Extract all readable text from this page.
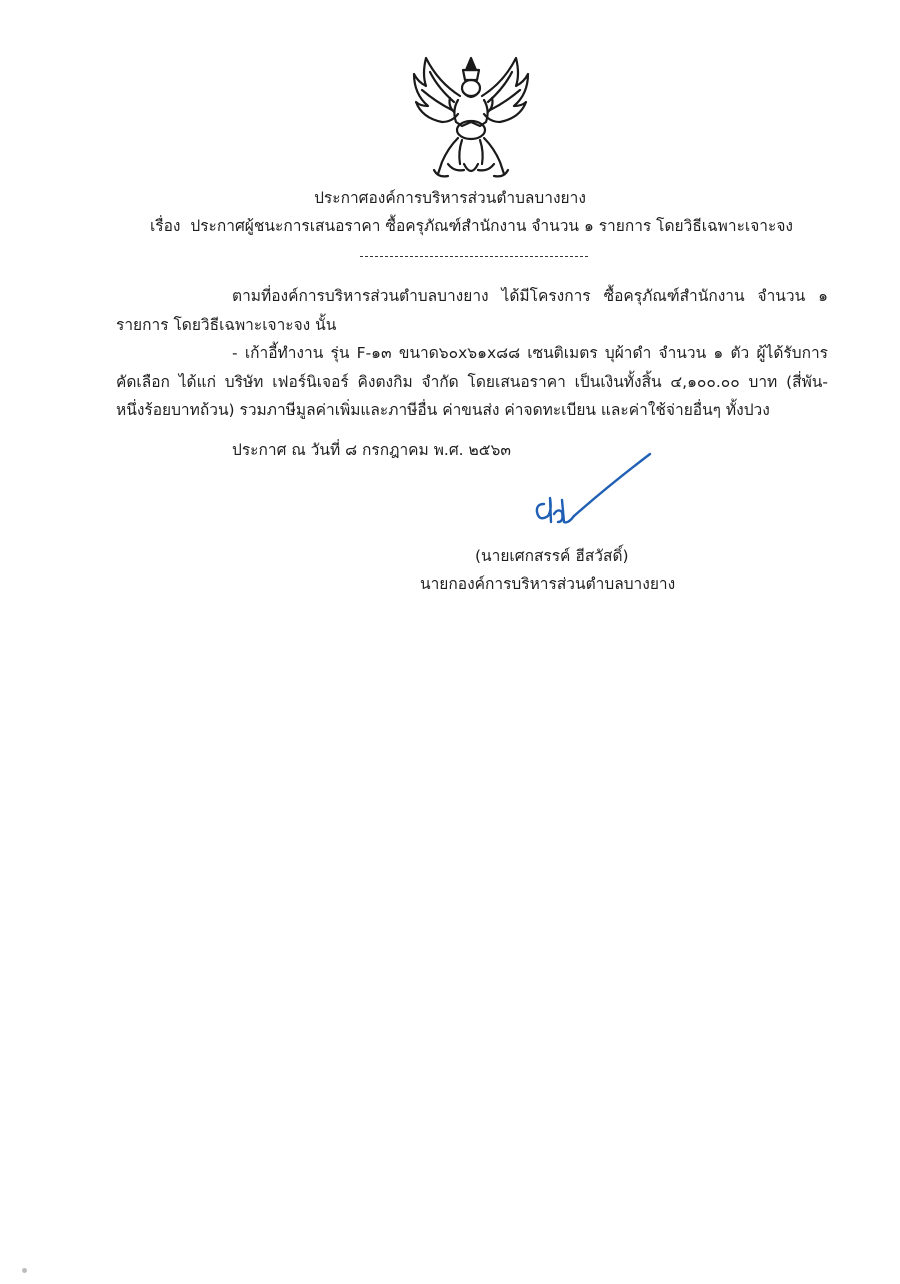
ประกาศองค์การบริหารส่วนตำบลบางยาง
เรื่อง ประกาศผู้ชนะการเสนอราคา ซื้อครุภัณฑ์สำนักงาน จำนวน ๑ รายการ โดยวิธีเฉพาะเจาะจง
ตามที่องค์การบริหารส่วนตำบลบางยาง ได้มีโครงการ ซื้อครุภัณฑ์สำนักงาน จำนวน ๑
รายการ โดยวิธีเฉพาะเจาะจง นั้น
- เก้าอี้ทำงาน รุ่น F-๑๓ ขนาด๖๐x๖๑x๘๘ เซนติเมตร บุผ้าดำ จำนวน ๑ ตัว ผู้ได้รับการ
คัดเลือก ได้แก่ บริษัท เฟอร์นิเจอร์ คิงตงกิม จำกัด โดยเสนอราคา เป็นเงินทั้งสิ้น ๔,๑๐๐.๐๐ บาท (สี่พัน-
หนึ่งร้อยบาทถ้วน) รวมภาษีมูลค่าเพิ่มและภาษีอื่น ค่าขนส่ง ค่าจดทะเบียน และค่าใช้จ่ายอื่นๆ ทั้งปวง
ประกาศ ณ วันที่ ๘ กรกฎาคม พ.ศ. ๒๕๖๓
(นายเศกสรรค์ ฮีสวัสดิ์)
นายกองค์การบริหารส่วนตำบลบางยาง
